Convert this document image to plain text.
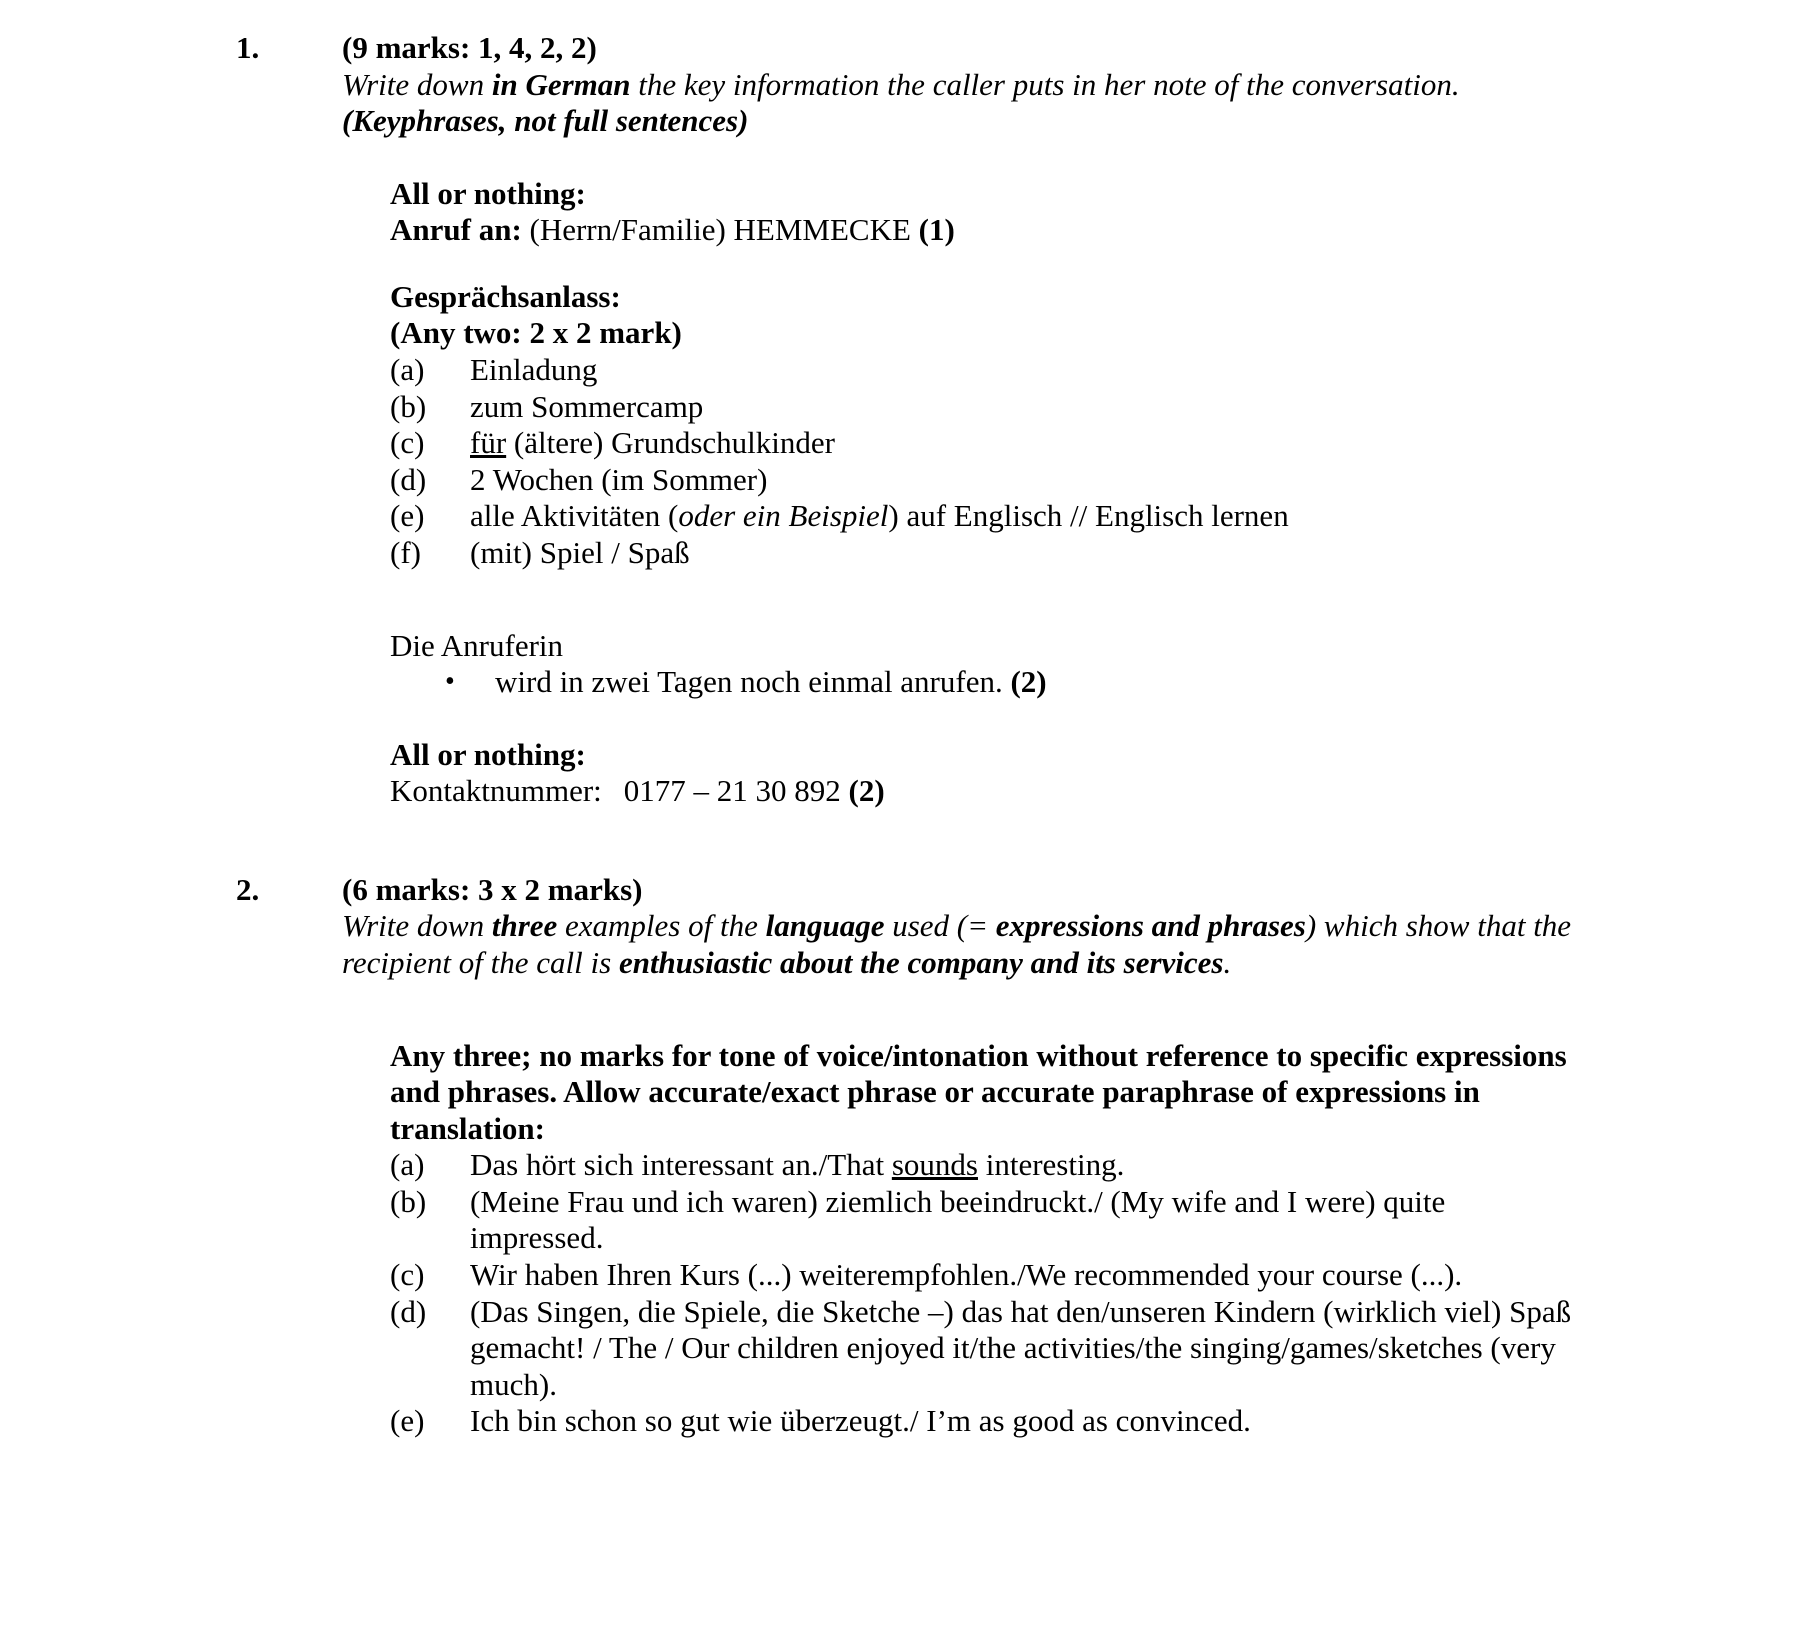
1.	(9 marks: 1, 4, 2, 2)
Write down in German the key information the caller puts in her note of the conversation.
(Keyphrases, not full sentences)
All or nothing:
Anruf an: (Herrn/Familie) HEMMECKE (1)
Gesprächsanlass:
(Any two: 2 x 2 mark)
(a)	Einladung
(b)	zum Sommercamp
(c)	für (ältere) Grundschulkinder
(d)	2 Wochen (im Sommer)
(e)	alle Aktivitäten (oder ein Beispiel) auf Englisch // Englisch lernen
(f)	(mit) Spiel / Spaß
Die Anruferin
•	wird in zwei Tagen noch einmal anrufen. (2)
All or nothing:
Kontaktnummer: 0177 – 21 30 892 (2)
2.	(6 marks: 3 x 2 marks)
Write down three examples of the language used (= expressions and phrases) which show that the recipient of the call is enthusiastic about the company and its services.
Any three; no marks for tone of voice/intonation without reference to specific expressions and phrases. Allow accurate/exact phrase or accurate paraphrase of expressions in translation:
(a)	Das hört sich interessant an./That sounds interesting.
(b)	(Meine Frau und ich waren) ziemlich beeindruckt./ (My wife and I were) quite impressed.
(c)	Wir haben Ihren Kurs (...) weiterempfohlen./We recommended your course (...).
(d)	(Das Singen, die Spiele, die Sketche –) das hat den/unseren Kindern (wirklich viel) Spaß gemacht! / The / Our children enjoyed it/the activities/the singing/games/sketches (very much).
(e)	Ich bin schon so gut wie überzeugt./ I’m as good as convinced.
